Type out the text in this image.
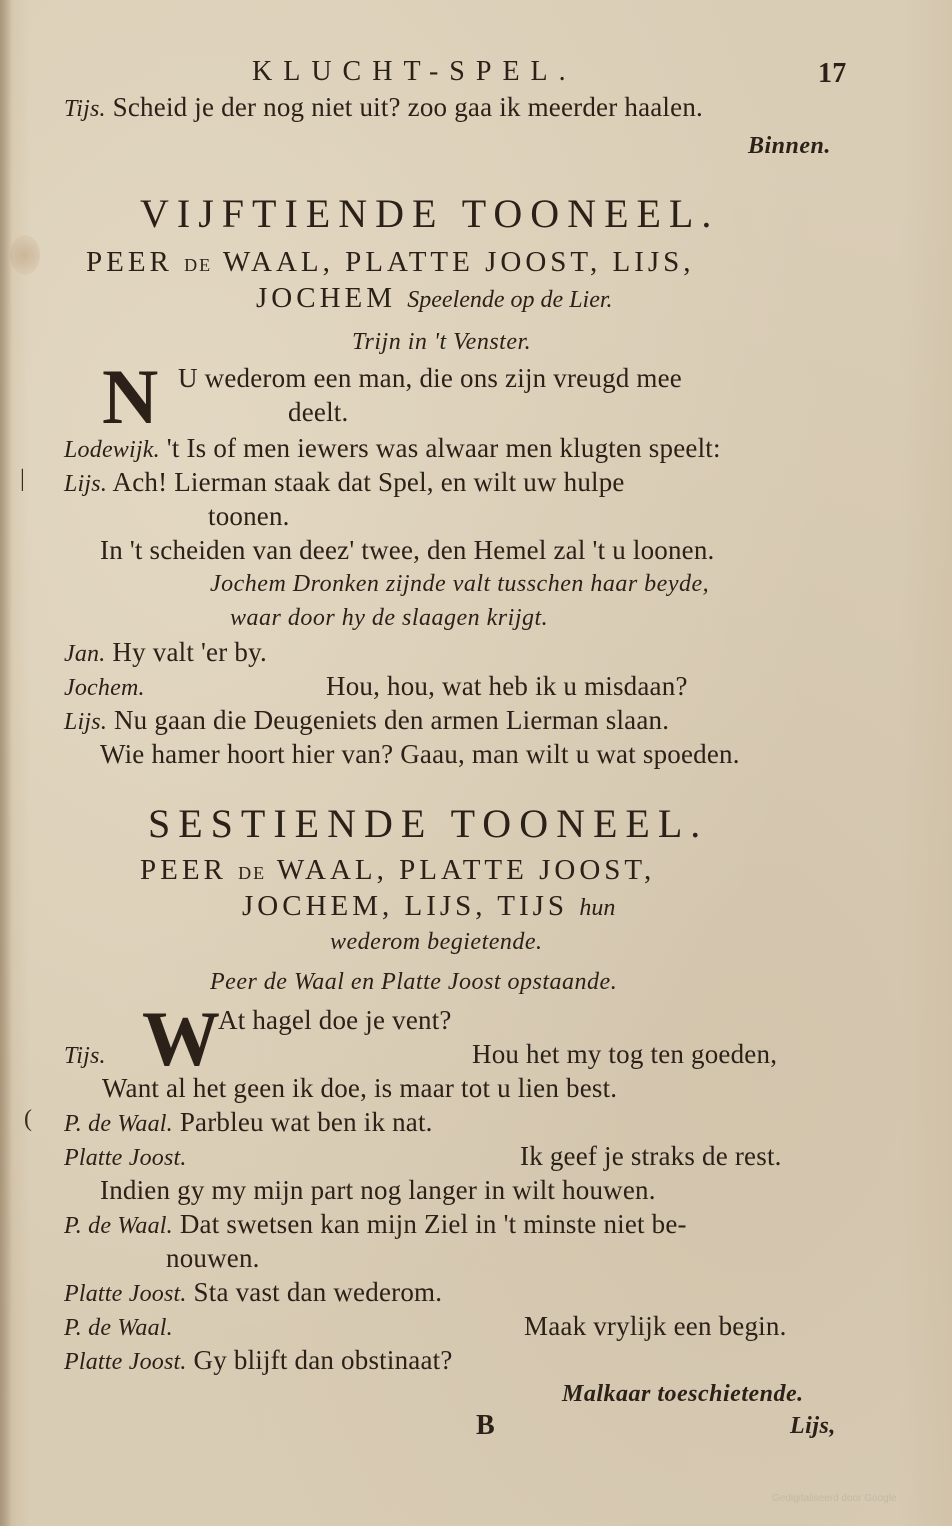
KLUCHT-SPEL.	17
Tijs. Scheid je der nog niet uit? zoo gaa ik meerder haalen.
Binnen.
VIJFTIENDE TOONEEL.
PEER DE WAAL, PLATTE JOOST, LIJS,
JOCHEM Speelende op de Lier.
Trijn in 't Venster.
N U wederom een man, die ons zijn vreugd mee
deelt.
Lodewijk. 't Is of men iewers was alwaar men klugten speelt:
| Lijs. Ach! Lierman staak dat Spel, en wilt uw hulpe
toonen.
In 't scheiden van deez' twee, den Hemel zal 't u loonen.
Jochem Dronken zijnde valt tusschen haar beyde,
waar door hy de slaagen krijgt.
Jan. Hy valt 'er by.
Jochem.	Hou, hou, wat heb ik u misdaan?
Lijs. Nu gaan die Deugeniets den armen Lierman slaan.
Wie hamer hoort hier van? Gaau, man wilt u wat spoeden.
SESTIENDE TOONEEL.
PEER DE WAAL, PLATTE JOOST,
JOCHEM, LIJS, TIJS hun
wederom begietende.
Peer de Waal en Platte Joost opstaande.
W
At hagel doe je vent?
Tijs.	Hou het my tog ten goeden,
Want al het geen ik doe, is maar tot u lien best.
( P. de Waal. Parbleu wat ben ik nat.
Platte Joost.	Ik geef je straks de rest.
Indien gy my mijn part nog langer in wilt houwen.
P. de Waal. Dat swetsen kan mijn Ziel in 't minste niet be-
nouwen.
Platte Joost. Sta vast dan wederom.
P. de Waal.	Maak vrylijk een begin.
Platte Joost. Gy blijft dan obstinaat?
Malkaar toeschietende.
B	Lijs,
Gedigitaliseerd door Google
